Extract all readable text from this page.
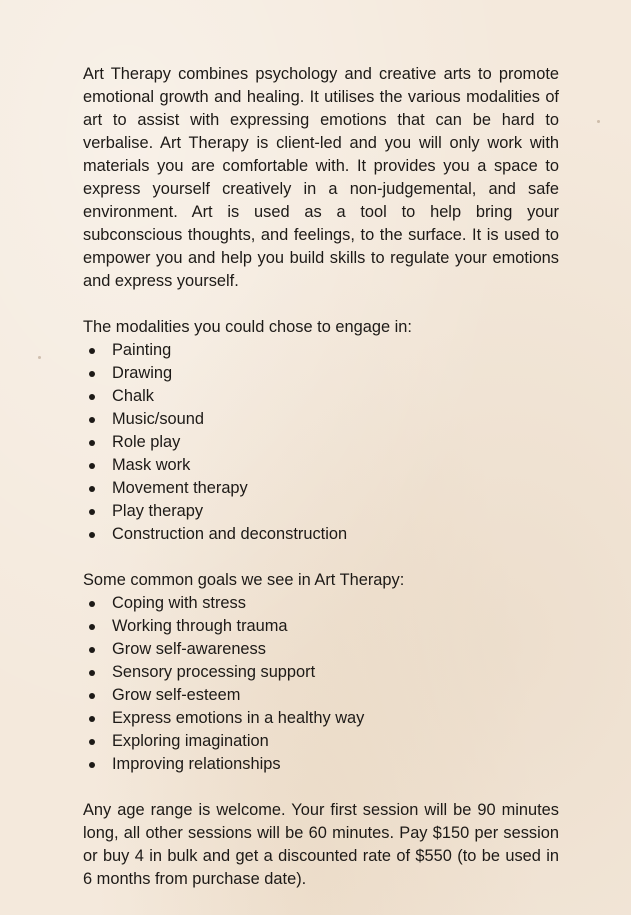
Art Therapy combines psychology and creative arts to promote emotional growth and healing. It utilises the various modalities of art to assist with expressing emotions that can be hard to verbalise. Art Therapy is client-led and you will only work with materials you are comfortable with. It provides you a space to express yourself creatively in a non-judgemental, and safe environment. Art is used as a tool to help bring your subconscious thoughts, and feelings, to the surface. It is used to empower you and help you build skills to regulate your emotions and express yourself.

The modalities you could chose to engage in:

Painting
Drawing
Chalk
Music/sound
Role play
Mask work
Movement therapy
Play therapy
Construction and deconstruction

Some common goals we see in Art Therapy:

Coping with stress
Working through trauma
Grow self-awareness
Sensory processing support
Grow self-esteem
Express emotions in a healthy way
Exploring imagination
Improving relationships

Any age range is welcome. Your first session will be 90 minutes long, all other sessions will be 60 minutes. Pay $150 per session or buy 4 in bulk and get a discounted rate of $550 (to be used in 6 months from purchase date).
